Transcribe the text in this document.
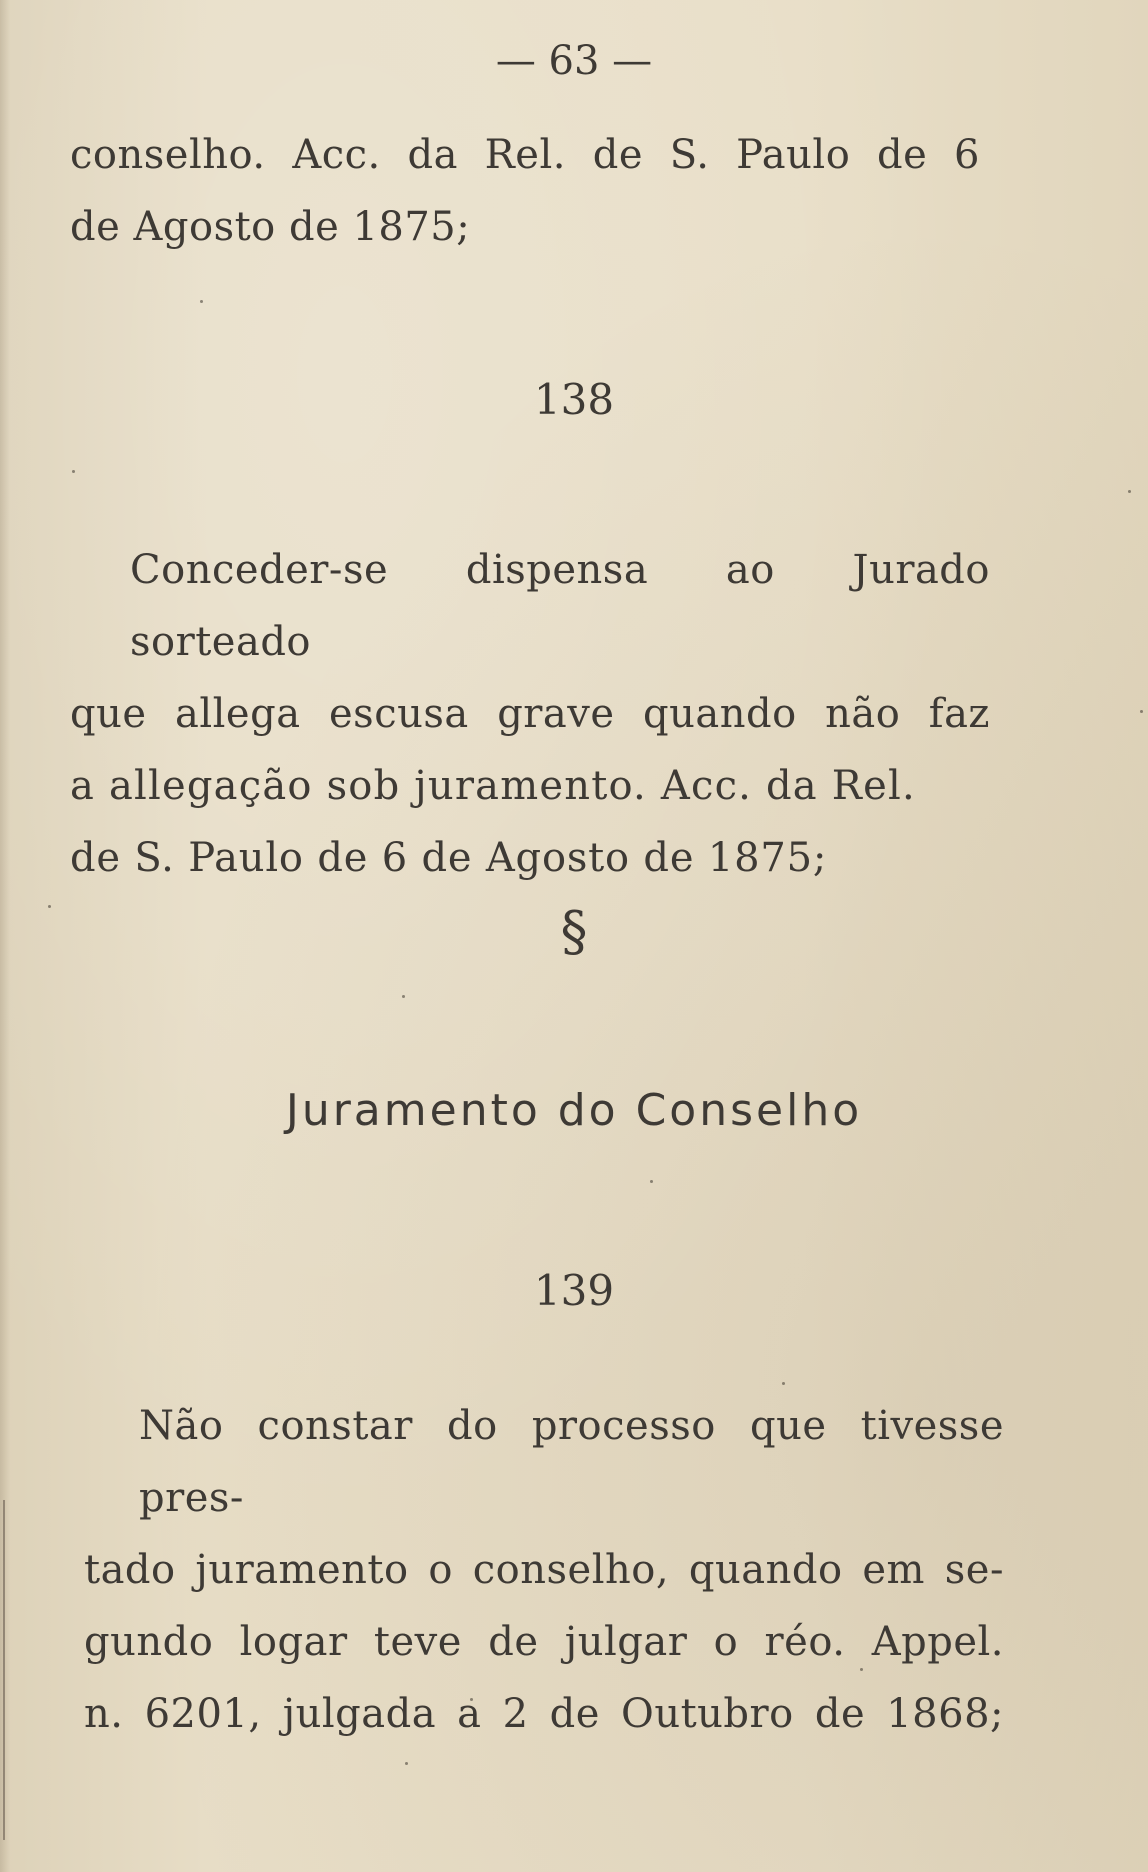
— 63 —
conselho. Acc. da Rel. de S. Paulo de 6
de Agosto de 1875;
138
Conceder-se dispensa ao Jurado sorteado
que allega escusa grave quando não faz
a allegação sob juramento. Acc. da Rel.
de S. Paulo de 6 de Agosto de 1875;
§
Juramento do Conselho
139
Não constar do processo que tivesse pres-
tado juramento o conselho, quando em se-
gundo logar teve de julgar o réo. Appel.
n. 6201, julgada a 2 de Outubro de 1868;
